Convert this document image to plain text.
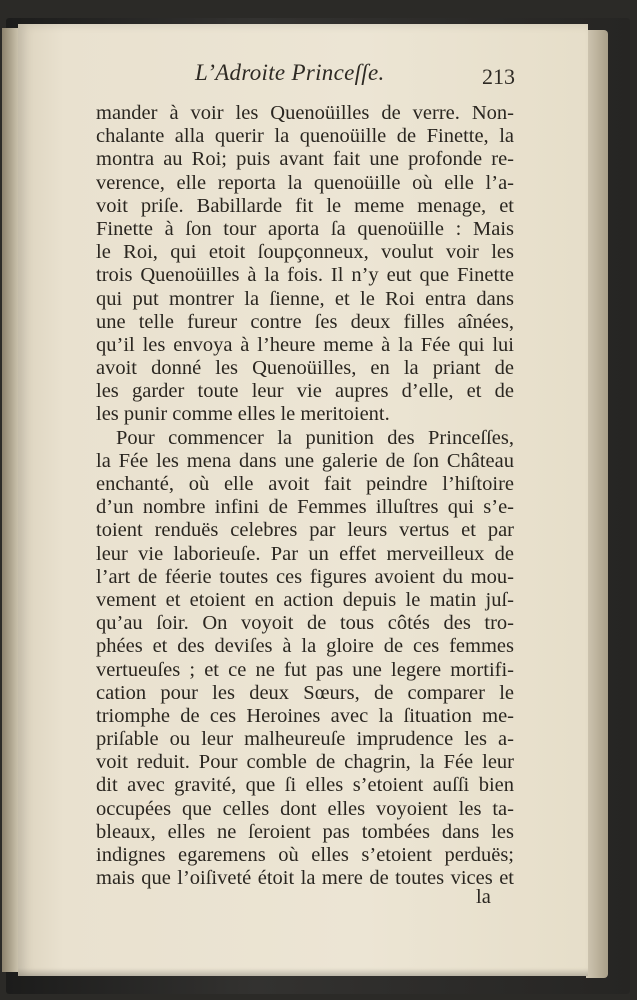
L’Adroite Princeſſe.	213
mander à voir les Quenoüilles de verre. Non-
chalante alla querir la quenoüille de Finette, la
montra au Roi; puis avant fait une profonde re-
verence, elle reporta la quenoüille où elle l’a-
voit priſe. Babillarde fit le meme menage, et
Finette à ſon tour aporta ſa quenoüille : Mais
le Roi, qui etoit ſoupçonneux, voulut voir les
trois Quenoüilles à la fois. Il n’y eut que Finette
qui put montrer la ſienne, et le Roi entra dans
une telle fureur contre ſes deux filles aînées,
qu’il les envoya à l’heure meme à la Fée qui lui
avoit donné les Quenoüilles, en la priant de
les garder toute leur vie aupres d’elle, et de
les punir comme elles le meritoient.
Pour commencer la punition des Princeſſes,
la Fée les mena dans une galerie de ſon Château
enchanté, où elle avoit fait peindre l’hiſtoire
d’un nombre infini de Femmes illuſtres qui s’e-
toient renduës celebres par leurs vertus et par
leur vie laborieuſe. Par un effet merveilleux de
l’art de féerie toutes ces figures avoient du mou-
vement et etoient en action depuis le matin juſ-
qu’au ſoir. On voyoit de tous côtés des tro-
phées et des deviſes à la gloire de ces femmes
vertueuſes ; et ce ne fut pas une legere mortifi-
cation pour les deux Sœurs, de comparer le
triomphe de ces Heroines avec la ſituation me-
priſable ou leur malheureuſe imprudence les a-
voit reduit. Pour comble de chagrin, la Fée leur
dit avec gravité, que ſi elles s’etoient auſſi bien
occupées que celles dont elles voyoient les ta-
bleaux, elles ne ſeroient pas tombées dans les
indignes egaremens où elles s’etoient perduës;
mais que l’oiſiveté étoit la mere de toutes vices et
la
